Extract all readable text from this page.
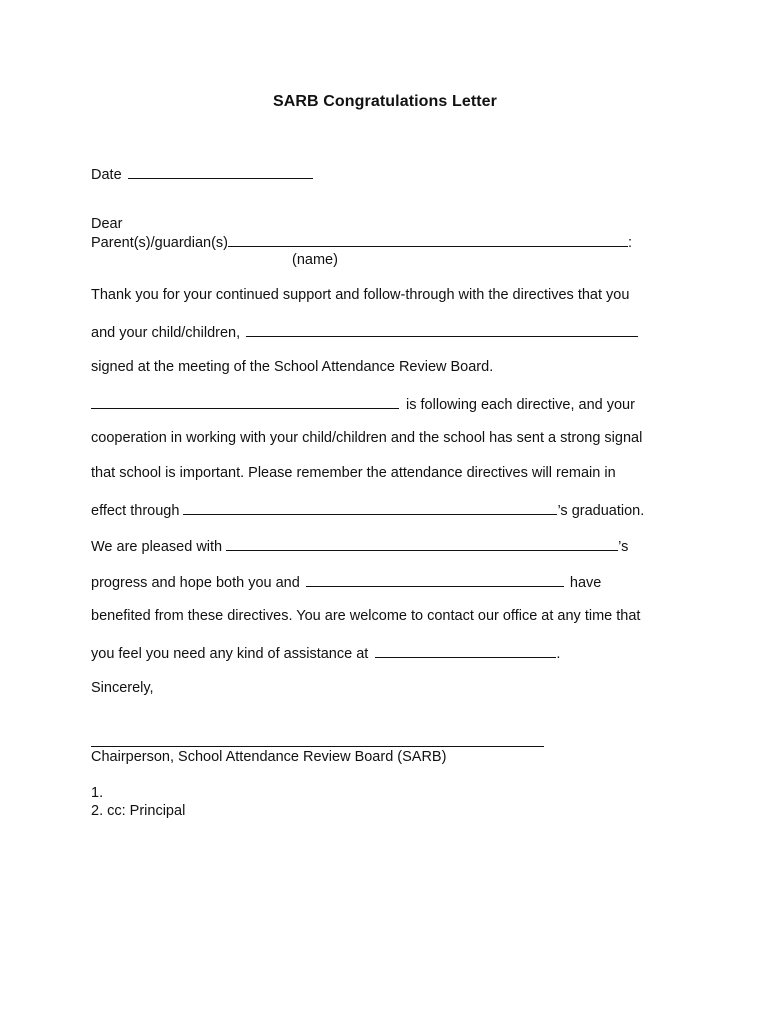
SARB Congratulations Letter
Date
Dear
Parent(s)/guardian(s)	:
(name)
Thank you for your continued support and follow-through with the directives that you
and your child/children,
signed at the meeting of the School Attendance Review Board.
is following each directive, and your
cooperation in working with your child/children and the school has sent a strong signal
that school is important. Please remember the attendance directives will remain in
effect through	’s graduation.
We are pleased with	’s
progress and hope both you and	have
benefited from these directives. You are welcome to contact our office at any time that
you feel you need any kind of assistance at	.
Sincerely,
Chairperson, School Attendance Review Board (SARB)
1.
2. cc: Principal
